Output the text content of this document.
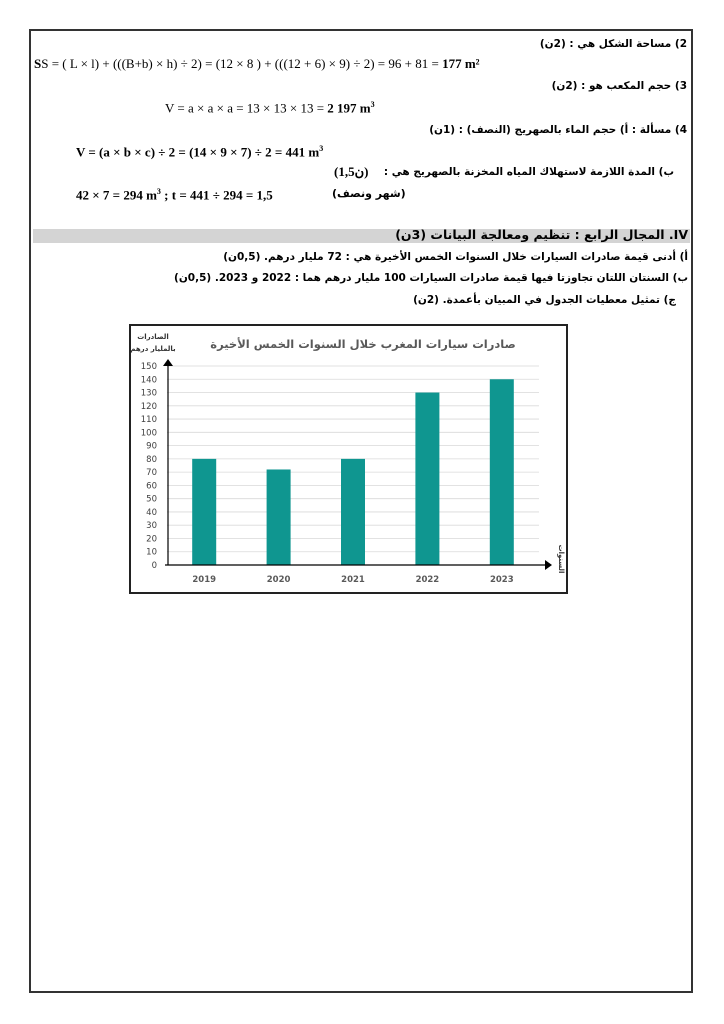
2) مساحة الشكل هي : (2ن)
SS = ( L × l) + (((B+b) × h) ÷ 2) = (12 × 8 ) + (((12 + 6) × 9) ÷ 2) = 96 + 81 = 177 m²
3) حجم المكعب هو : (2ن)
V = a × a × a = 13 × 13 × 13 = 2 197 $m^3$
4) مسألة : أ) حجم الماء بالصهريج (النصف) : (1ن)
V = (a × b × c) ÷ 2 = (14 × 9 × 7) ÷ 2 = 441 $m^3$
ب) المدة اللازمة لاستهلاك المياه المخزنة بالصهريج هي :
(1,5ن)
42 × 7 = 294 $m^3$ ; t = 441 ÷ 294 = 1,5	(شهر ونصف)
IV. المجال الرابع : تنظيم ومعالجة البيانات (3ن)
أ) أدنى قيمة صادرات السيارات خلال السنوات الخمس الأخيرة هي : 72 مليار درهم. (0,5ن)
ب) السنتان اللتان تجاوزتا فيها قيمة صادرات السيارات 100 مليار درهم هما : 2022 و 2023. (0,5ن)
ج) تمثيل معطيات الجدول في المبيان بأعمدة. (2ن)
0
10
20
30
40
50
60
70
80
90
100
110
120
130
140
150
2019	2020	2021	2022	2023
صادرات سيارات المغرب خلال السنوات الخمس الأخيرة
الصادرات
بالمليار درهم
السنوات
